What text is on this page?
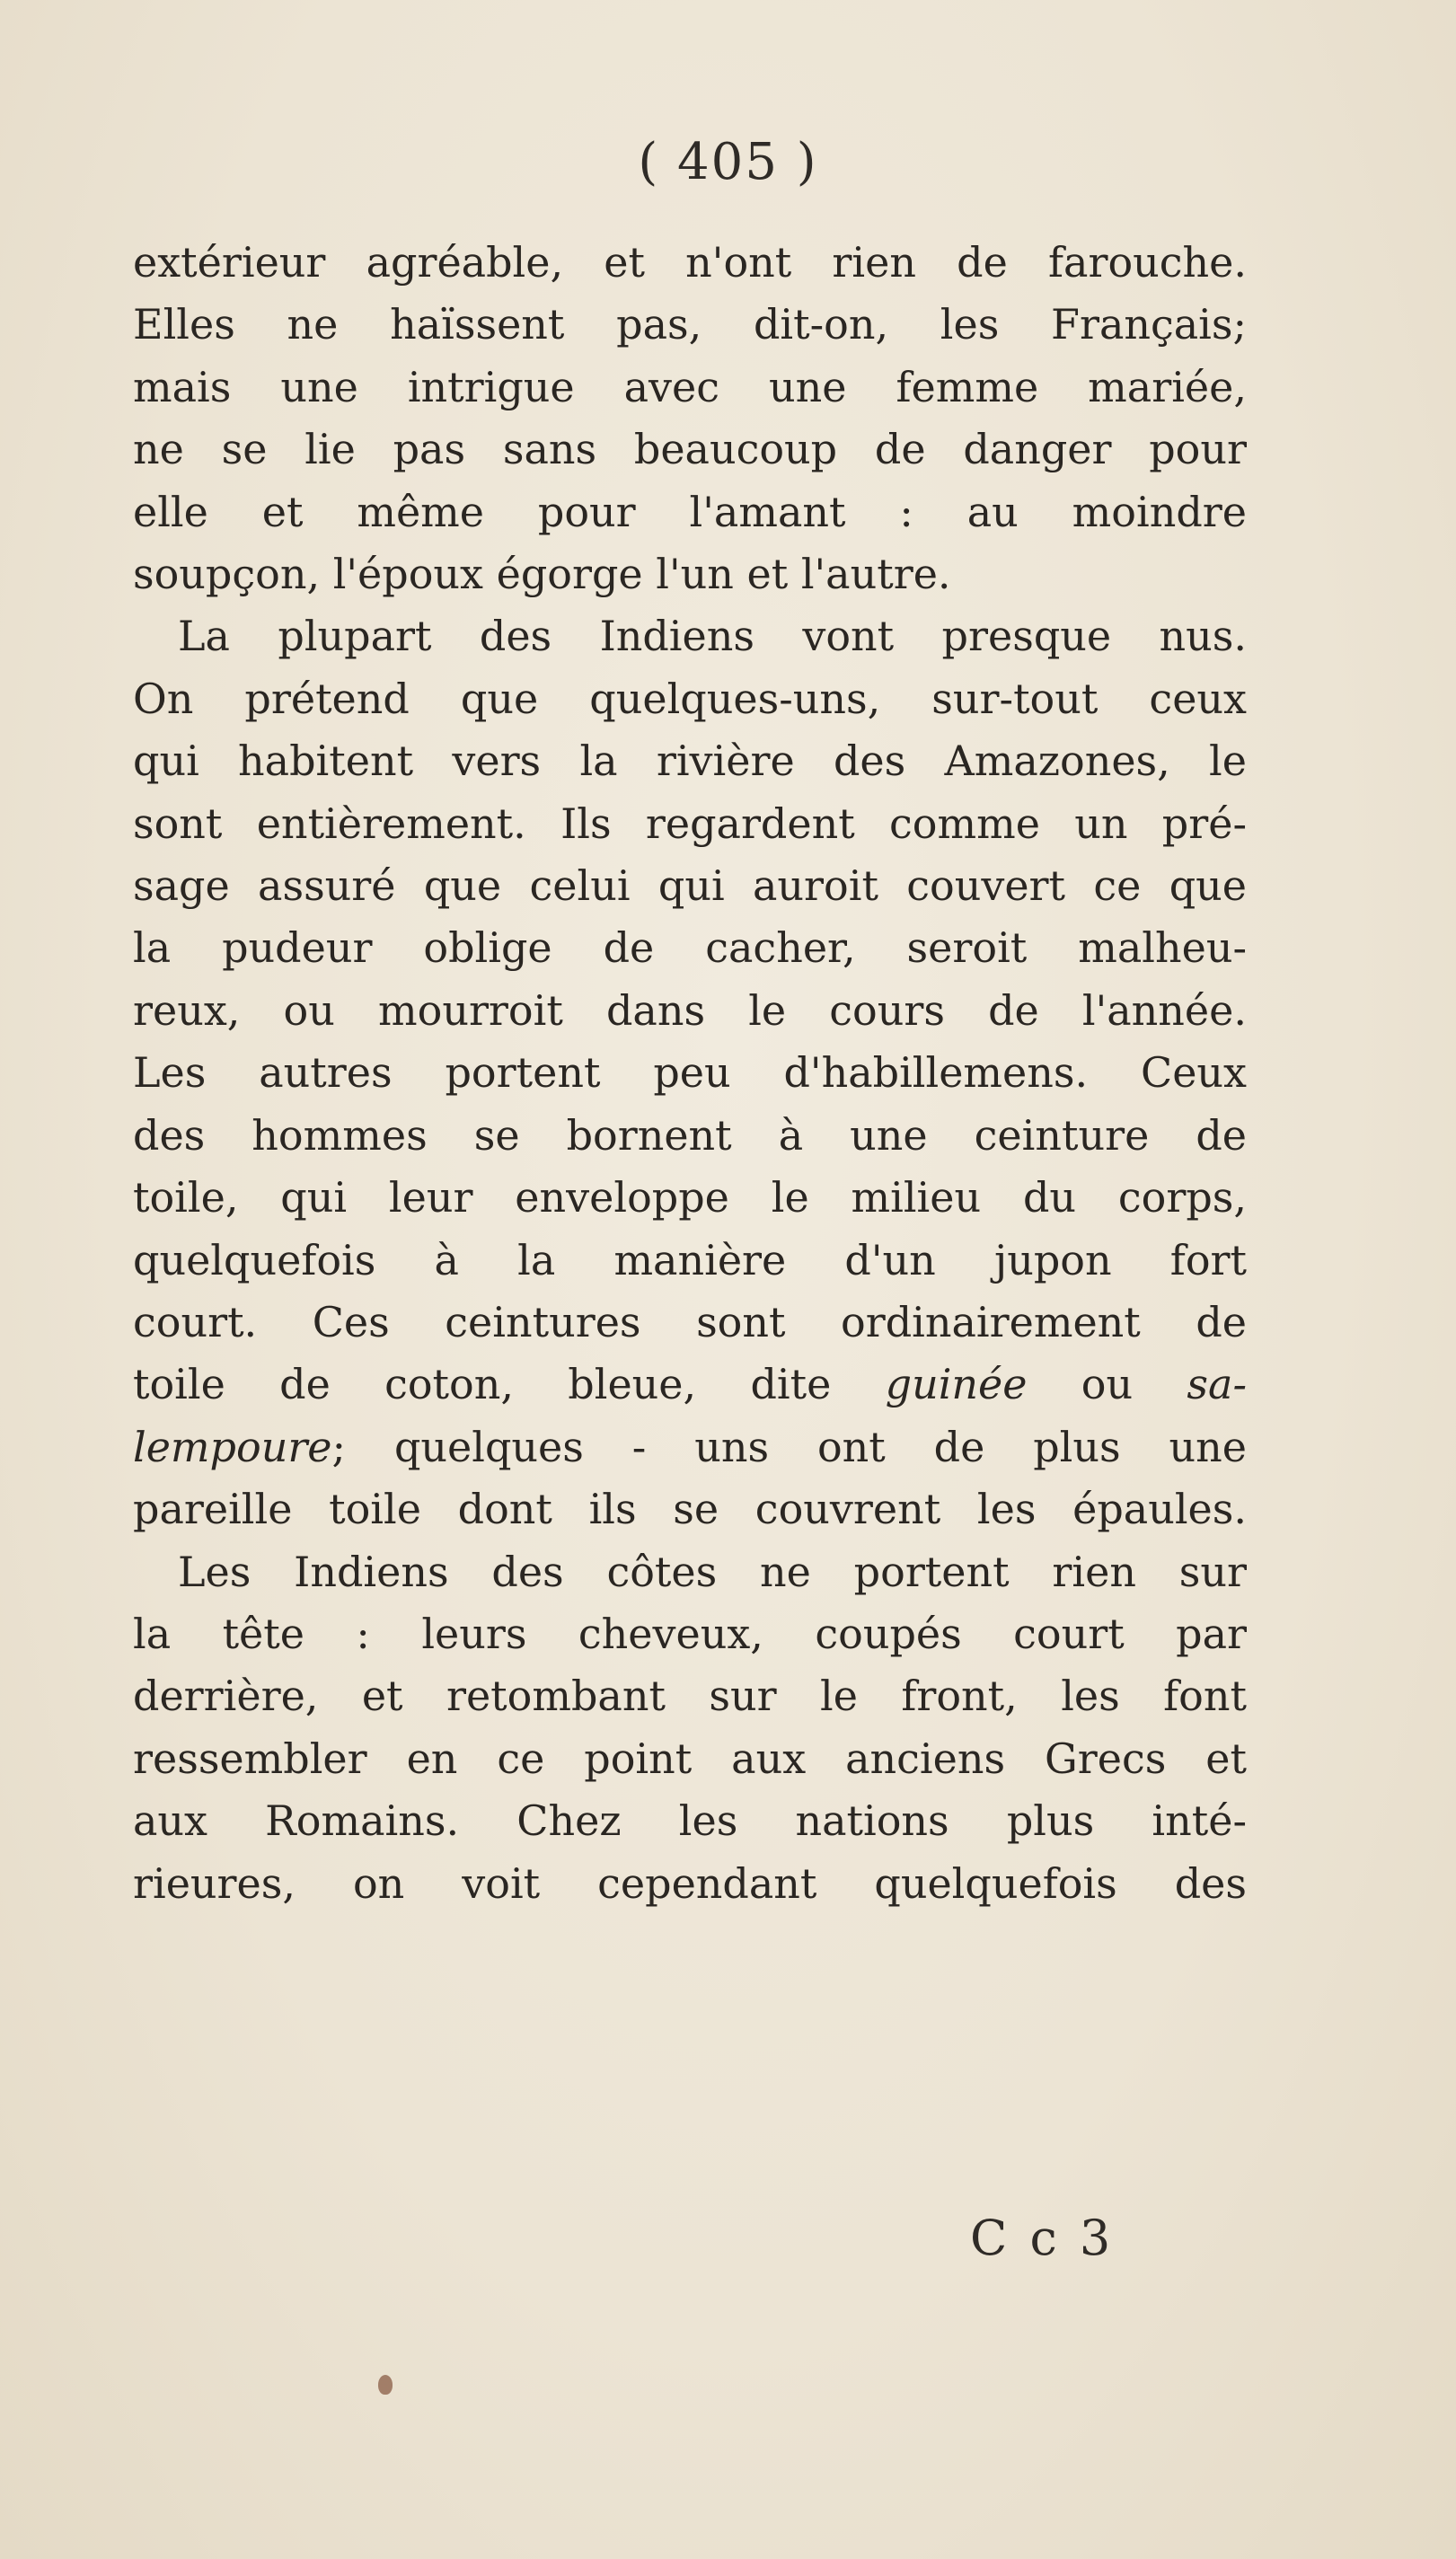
( 405 )
extérieur agréable, et n'ont rien de farouche.
Elles ne haïssent pas, dit-on, les Français;
mais une intrigue avec une femme mariée,
ne se lie pas sans beaucoup de danger pour
elle et même pour l'amant : au moindre
soupçon, l'époux égorge l'un et l'autre.
La plupart des Indiens vont presque nus.
On prétend que quelques-uns, sur-tout ceux
qui habitent vers la rivière des Amazones, le
sont entièrement. Ils regardent comme un pré-
sage assuré que celui qui auroit couvert ce que
la pudeur oblige de cacher, seroit malheu-
reux, ou mourroit dans le cours de l'année.
Les autres portent peu d'habillemens. Ceux
des hommes se bornent à une ceinture de
toile, qui leur enveloppe le milieu du corps,
quelquefois à la manière d'un jupon fort
court. Ces ceintures sont ordinairement de
toile de coton, bleue, dite guinée ou sa-
lempoure; quelques - uns ont de plus une
pareille toile dont ils se couvrent les épaules.
Les Indiens des côtes ne portent rien sur
la tête : leurs cheveux, coupés court par
derrière, et retombant sur le front, les font
ressembler en ce point aux anciens Grecs et
aux Romains. Chez les nations plus inté-
rieures, on voit cependant quelquefois des
C c 3
